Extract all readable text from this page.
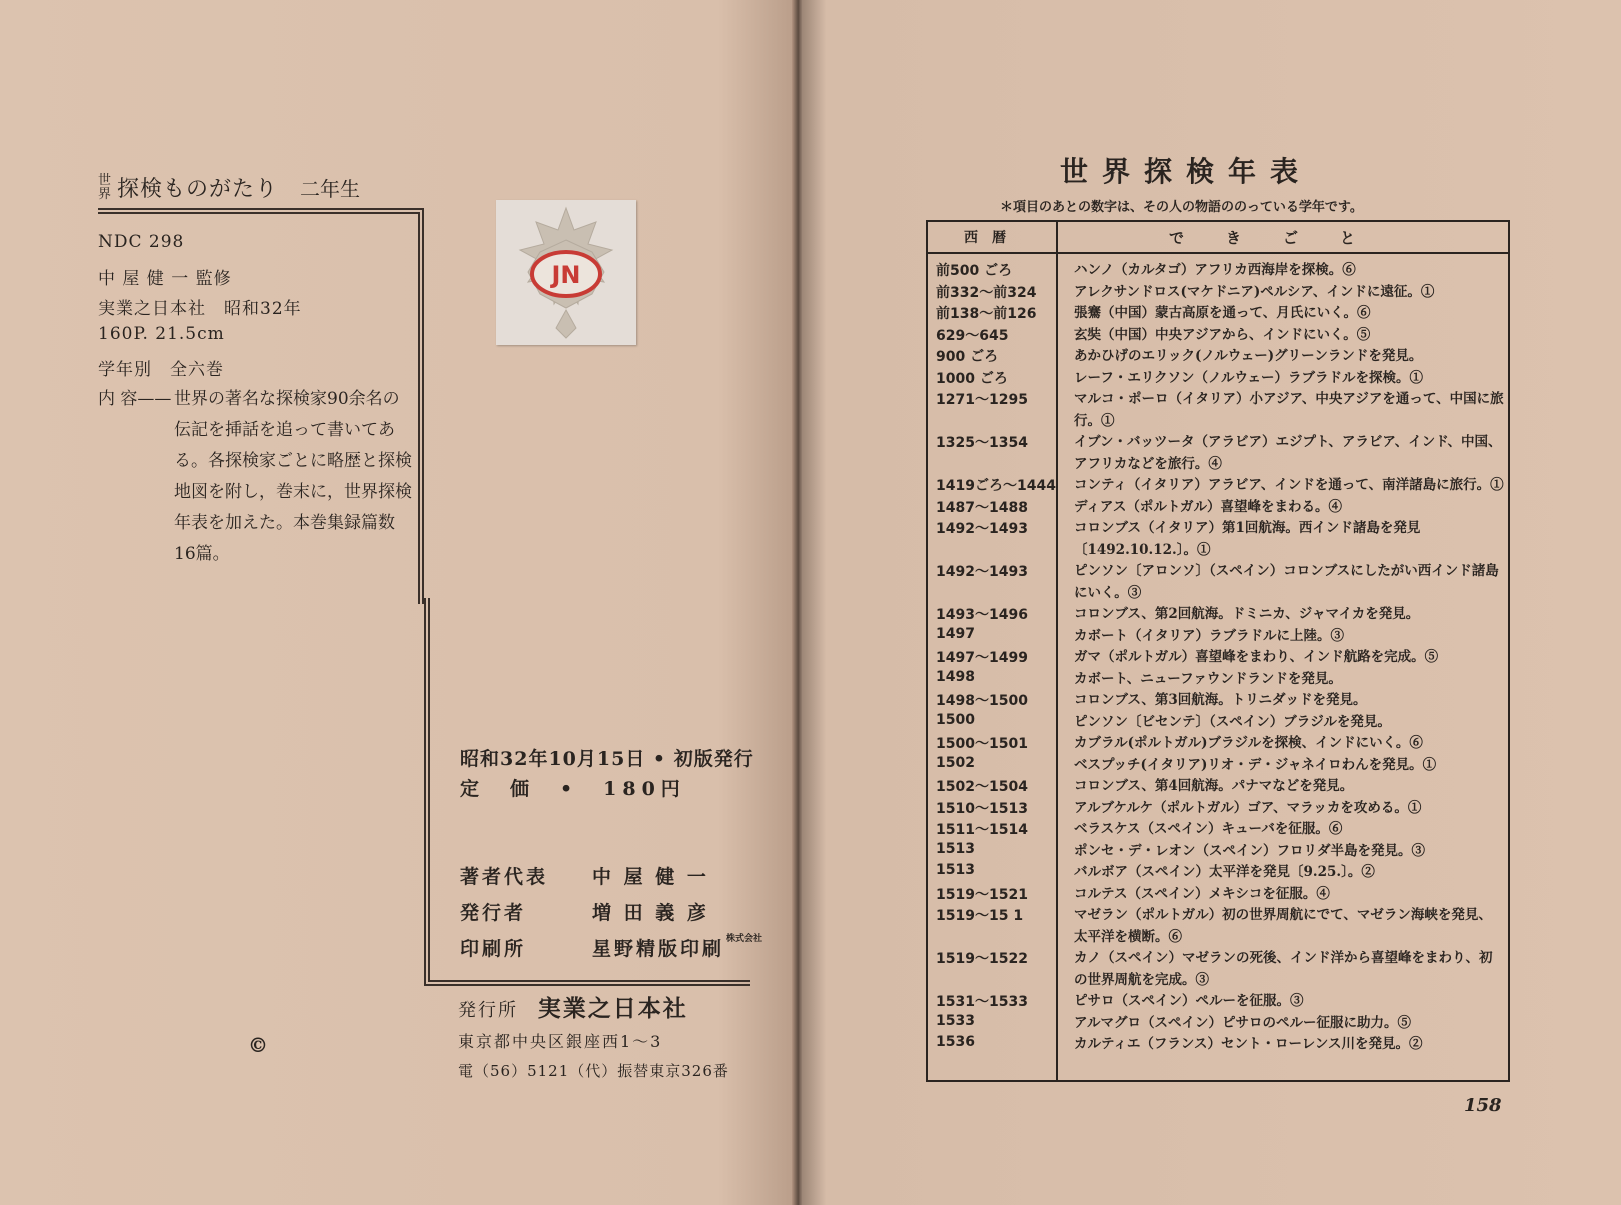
世
界 探検ものがたり 二年生
NDC 298
中 屋 健 一 監修
実業之日本社　昭和32年
160P. 21.5cm
学年別　全六巻
内 容—— 世界の著名な探検家90余名の伝記を挿話を追って書いてある。各探検家ごとに略歴と探検地図を附し，巻末に，世界探検年表を加えた。本巻集録篇数16篇。
JN
昭和32年10月15日 • 初版発行
定　価　•　180円
著者代表 中 屋 健 一
発行者	増 田 義 彦
印刷所	星野精版印刷 株式会社
発行所 実業之日本社
東京都中央区銀座西1～3
電（56）5121（代）振替東京326番
©
世界探検年表
＊項目のあとの数字は、その人の物語ののっている学年です。
西暦	できごと
前500 ごろ	ハンノ（カルタゴ）アフリカ西海岸を探検。⑥
前332～前324	アレクサンドロス(マケドニア)ペルシア、インドに遠征。①
前138～前126	張騫（中国）蒙古高原を通って、月氏にいく。⑥
629～645	玄奘（中国）中央アジアから、インドにいく。⑤
900 ごろ	あかひげのエリック(ノルウェー)グリーンランドを発見。
1000 ごろ	レーフ・エリクソン（ノルウェー）ラブラドルを探検。①
1271～1295	マルコ・ポーロ（イタリア）小アジア、中央アジアを通って、中国に旅行。①
1325～1354	イブン・バッツータ（アラビア）エジプト、アラビア、インド、中国、アフリカなどを旅行。④
1419ごろ～1444 コンティ（イタリア）アラビア、インドを通って、南洋諸島に旅行。①
1487～1488	ディアス（ポルトガル）喜望峰をまわる。④
1492～1493	コロンブス（イタリア）第1回航海。西インド諸島を発見〔1492.10.12.〕。①
1492～1493	ピンソン〔アロンソ〕（スペイン）コロンブスにしたがい西インド諸島にいく。③
1493～1496	コロンブス、第2回航海。ドミニカ、ジャマイカを発見。
1497	カボート（イタリア）ラブラドルに上陸。③
1497～1499	ガマ（ポルトガル）喜望峰をまわり、インド航路を完成。⑤
1498	カボート、ニューファウンドランドを発見。
1498～1500	コロンブス、第3回航海。トリニダッドを発見。
1500	ピンソン〔ビセンテ〕（スペイン）ブラジルを発見。
1500～1501	カブラル(ポルトガル)ブラジルを探検、インドにいく。⑥
1502	ベスプッチ(イタリア)リオ・デ・ジャネイロわんを発見。①
1502～1504	コロンブス、第4回航海。パナマなどを発見。
1510～1513	アルブケルケ（ポルトガル）ゴア、マラッカを攻める。①
1511～1514	ベラスケス（スペイン）キューバを征服。⑥
1513	ポンセ・デ・レオン（スペイン）フロリダ半島を発見。③
1513	バルボア（スペイン）太平洋を発見〔9.25.〕。②
1519～1521	コルテス（スペイン）メキシコを征服。④
1519～15 1	マゼラン（ポルトガル）初の世界周航にでて、マゼラン海峡を発見、太平洋を横断。⑥
1519～1522	カノ（スペイン）マゼランの死後、インド洋から喜望峰をまわり、初の世界周航を完成。③
1531～1533	ピサロ（スペイン）ペルーを征服。③
1533	アルマグロ（スペイン）ピサロのペルー征服に助力。⑤
1536	カルティエ（フランス）セント・ローレンス川を発見。②
158
